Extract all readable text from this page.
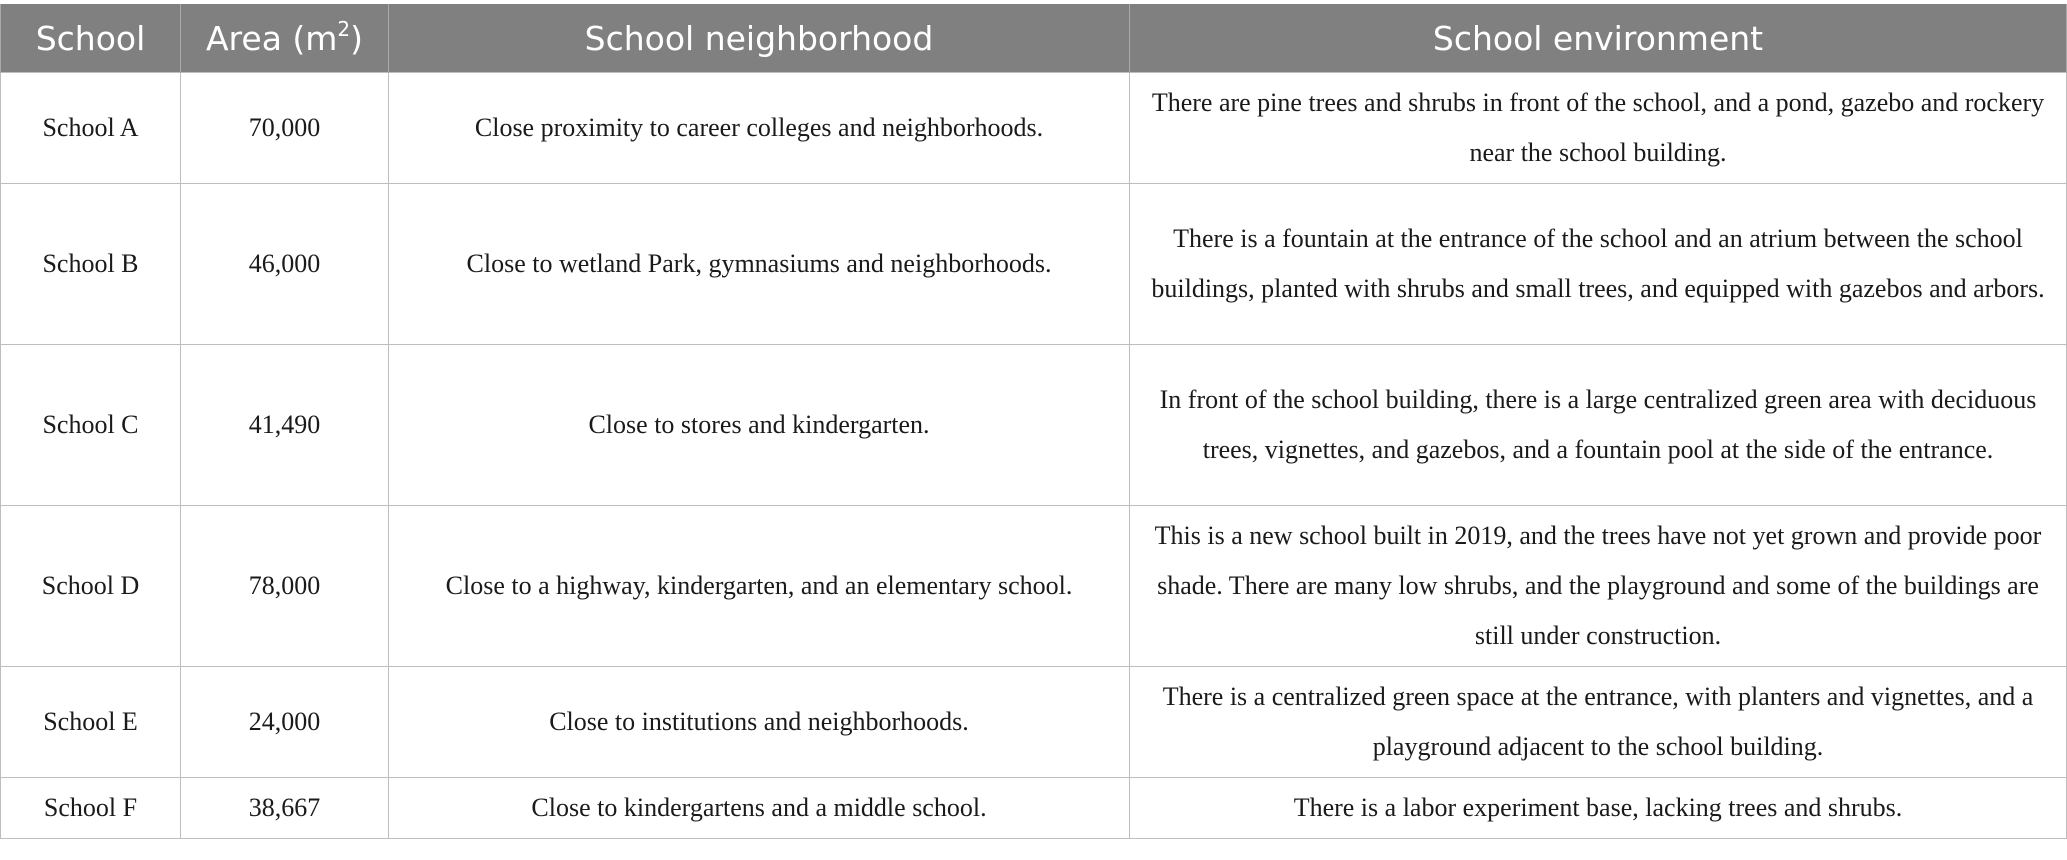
School	Area $(m^2)$	School neighborhood	School environment
School A	70,000	Close proximity to career colleges and neighborhoods.	There are pine trees and shrubs in front of the school, and a pond, gazebo and rockery near the school building.
School B	46,000	Close to wetland Park, gymnasiums and neighborhoods.	There is a fountain at the entrance of the school and an atrium between the school buildings, planted with shrubs and small trees, and equipped with gazebos and arbors.
School C	41,490	Close to stores and kindergarten.	In front of the school building, there is a large centralized green area with deciduous trees, vignettes, and gazebos, and a fountain pool at the side of the entrance.
School D	78,000	Close to a highway, kindergarten, and an elementary school.	This is a new school built in 2019, and the trees have not yet grown and provide poor shade. There are many low shrubs, and the playground and some of the buildings are still under construction.
School E	24,000	Close to institutions and neighborhoods.	There is a centralized green space at the entrance, with planters and vignettes, and a playground adjacent to the school building.
School F	38,667	Close to kindergartens and a middle school.	There is a labor experiment base, lacking trees and shrubs.
